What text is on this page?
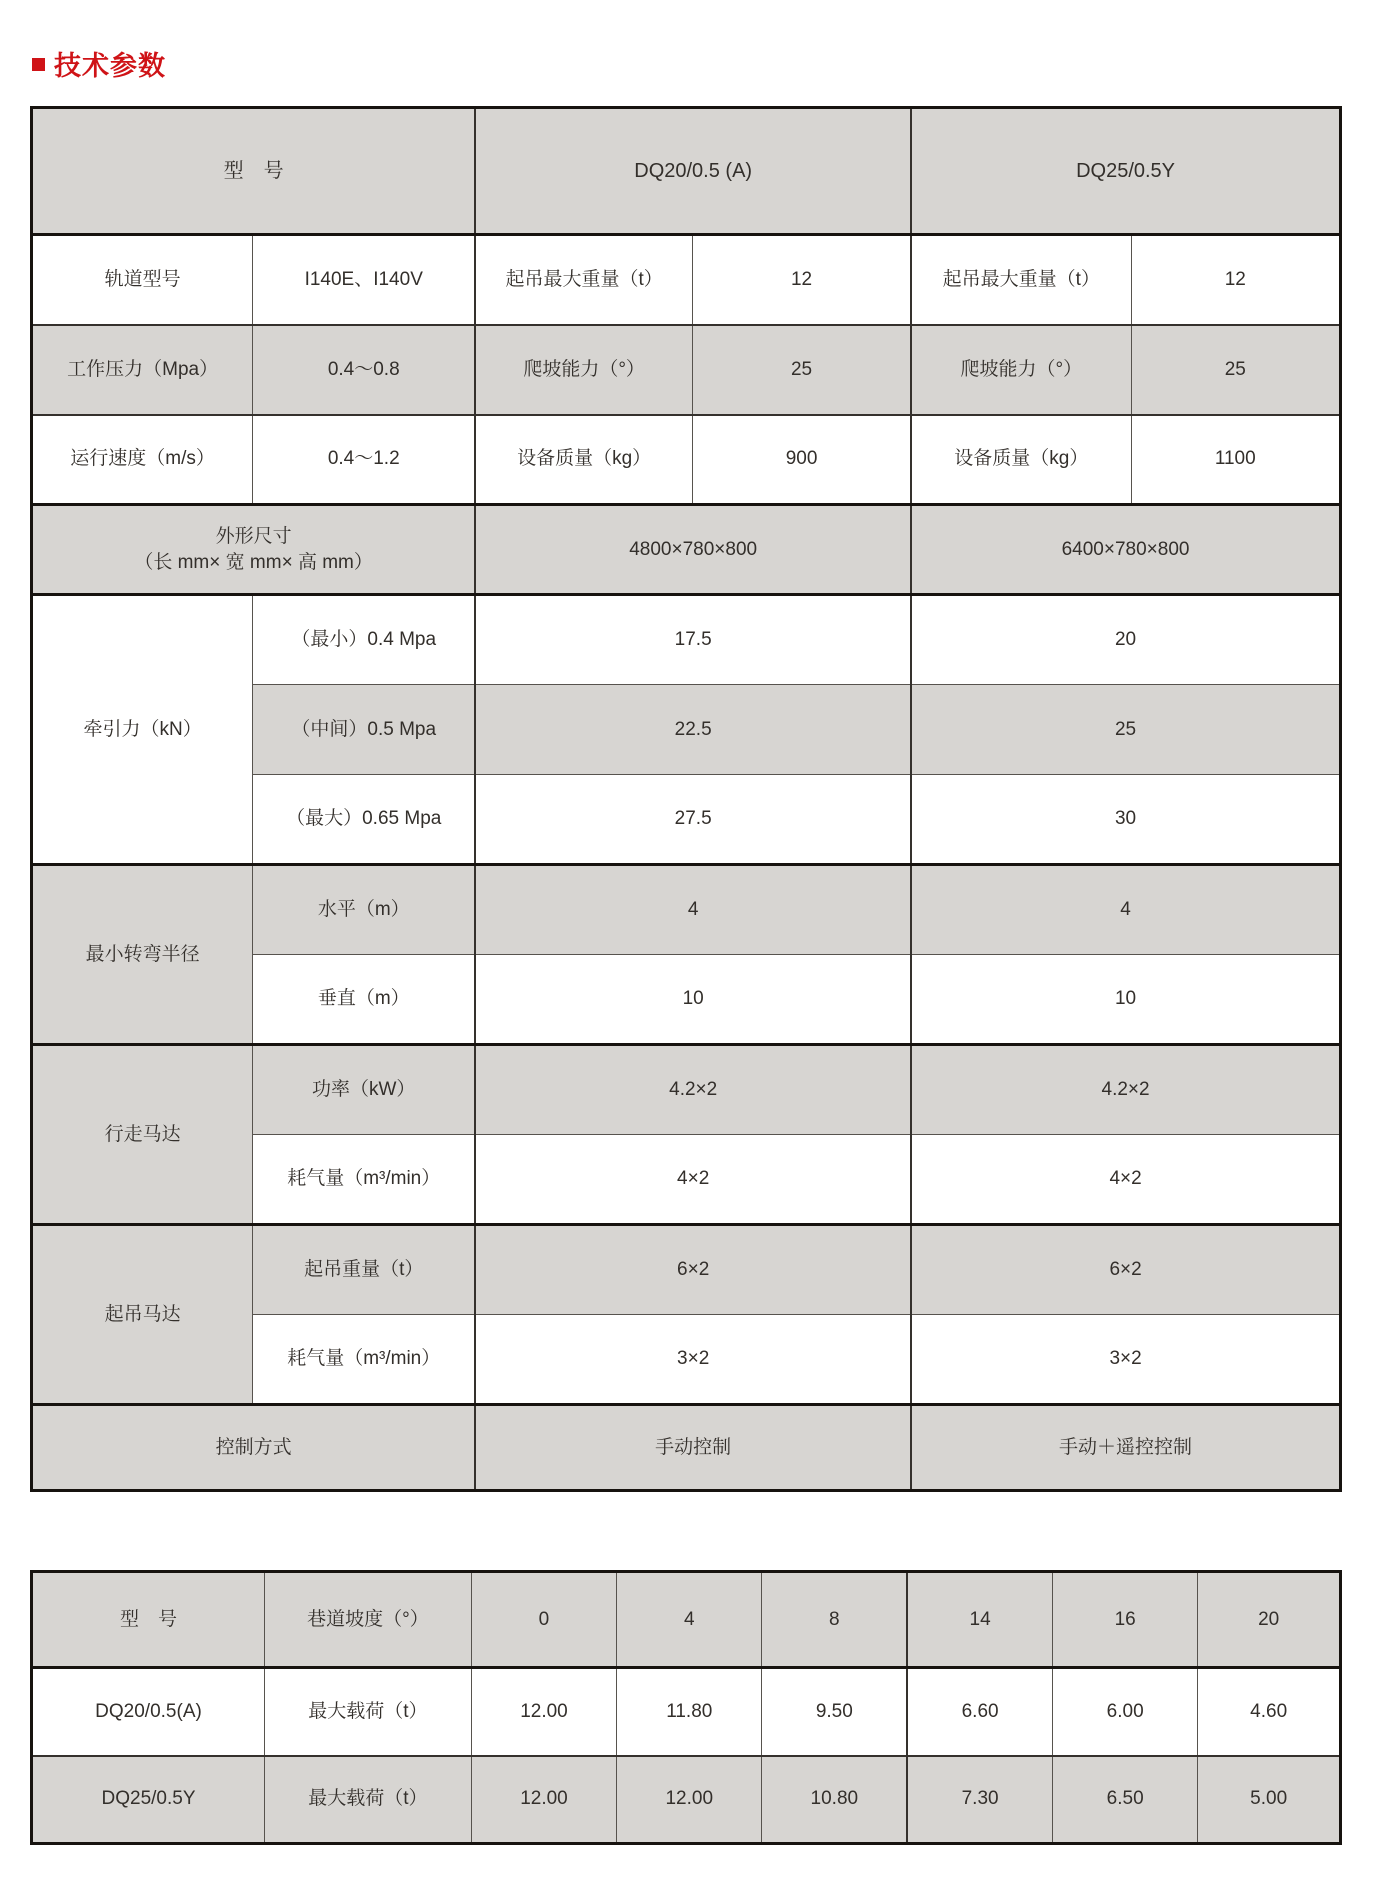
技术参数
型　号		DQ20/0.5 (A)		DQ25/0.5Y	
轨道型号	I140E、I140V	起吊最大重量（t）	12	起吊最大重量（t）	12
工作压力（Mpa）	0.4～0.8	爬坡能力（°）	25	爬坡能力（°）	25
运行速度（m/s）	0.4～1.2	设备质量（kg）	900	设备质量（kg）	1100

外形尺寸
（长 mm× 宽 mm× 高 mm）		4800×780×800		6400×780×800	
牵引力（kN）	（最小）0.4 Mpa	17.5		20	
	（中间）0.5 Mpa	22.5		25	
	（最大）0.65 Mpa	27.5		30	
最小转弯半径	水平（m）	4		4	
	垂直（m）	10		10	
行走马达	功率（kW）	4.2×2		4.2×2	
	耗气量（m³/min）	4×2		4×2	
起吊马达	起吊重量（t）	6×2		6×2	
	耗气量（m³/min）	3×2		3×2	
控制方式		手动控制		手动＋遥控控制	
型　号	巷道坡度（°）	0	4	8	14	16	20
DQ20/0.5(A)	最大载荷（t）	12.00	11.80	9.50	6.60	6.00	4.60
DQ25/0.5Y	最大载荷（t）	12.00	12.00	10.80	7.30	6.50	5.00
